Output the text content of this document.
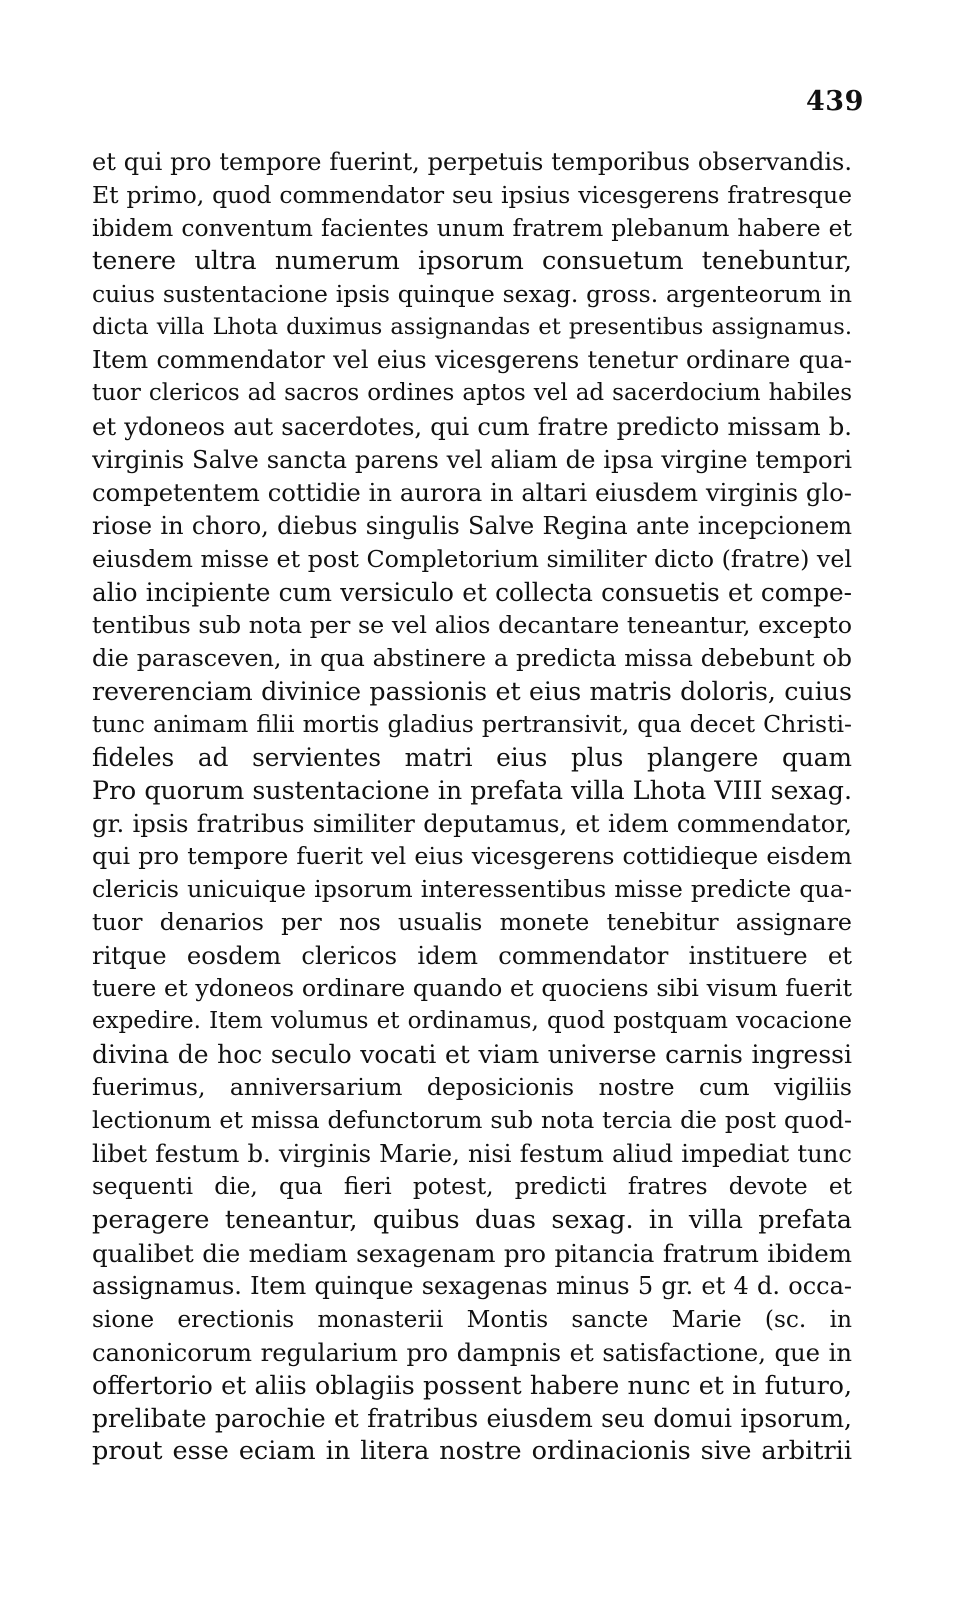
439
et qui pro tempore fuerint, perpetuis temporibus observandis.
Et primo, quod commendator seu ipsius vicesgerens fratresque
ibidem conventum facientes unum fratrem plebanum habere et
tenere ultra numerum ipsorum consuetum tenebuntur,
cuius sustentacione ipsis quinque sexag. gross. argenteorum in
dicta villa Lhota duximus assignandas et presentibus assignamus.
Item commendator vel eius vicesgerens tenetur ordinare qua-
tuor clericos ad sacros ordines aptos vel ad sacerdocium habiles
et ydoneos aut sacerdotes, qui cum fratre predicto missam b.
virginis Salve sancta parens vel aliam de ipsa virgine tempori
competentem cottidie in aurora in altari eiusdem virginis glo-
riose in choro, diebus singulis Salve Regina ante incepcionem
eiusdem misse et post Completorium similiter dicto (fratre) vel
alio incipiente cum versiculo et collecta consuetis et compe-
tentibus sub nota per se vel alios decantare teneantur, excepto
die parasceven, in qua abstinere a predicta missa debebunt ob
reverenciam divinice passionis et eius matris doloris, cuius
tunc animam filii mortis gladius pertransivit, qua decet Christi-
fideles ad servientes matri eius plus plangere quam
Pro quorum sustentacione in prefata villa Lhota VIII sexag.
gr. ipsis fratribus similiter deputamus, et idem commendator,
qui pro tempore fuerit vel eius vicesgerens cottidieque eisdem
clericis unicuique ipsorum interessentibus misse predicte qua-
tuor denarios per nos usualis monete tenebitur assignare
ritque eosdem clericos idem commendator instituere et
tuere et ydoneos ordinare quando et quociens sibi visum fuerit
expedire. Item volumus et ordinamus, quod postquam vocacione
divina de hoc seculo vocati et viam universe carnis ingressi
fuerimus, anniversarium deposicionis nostre cum vigiliis
lectionum et missa defunctorum sub nota tercia die post quod-
libet festum b. virginis Marie, nisi festum aliud impediat tunc
sequenti die, qua fieri potest, predicti fratres devote et
peragere teneantur, quibus duas sexag. in villa prefata
qualibet die mediam sexagenam pro pitancia fratrum ibidem
assignamus. Item quinque sexagenas minus 5 gr. et 4 d. occa-
sione erectionis monasterii Montis sancte Marie (sc. in
canonicorum regularium pro dampnis et satisfactione, que in
offertorio et aliis oblagiis possent habere nunc et in futuro,
prelibate parochie et fratribus eiusdem seu domui ipsorum,
prout esse eciam in litera nostre ordinacionis sive arbitrii
